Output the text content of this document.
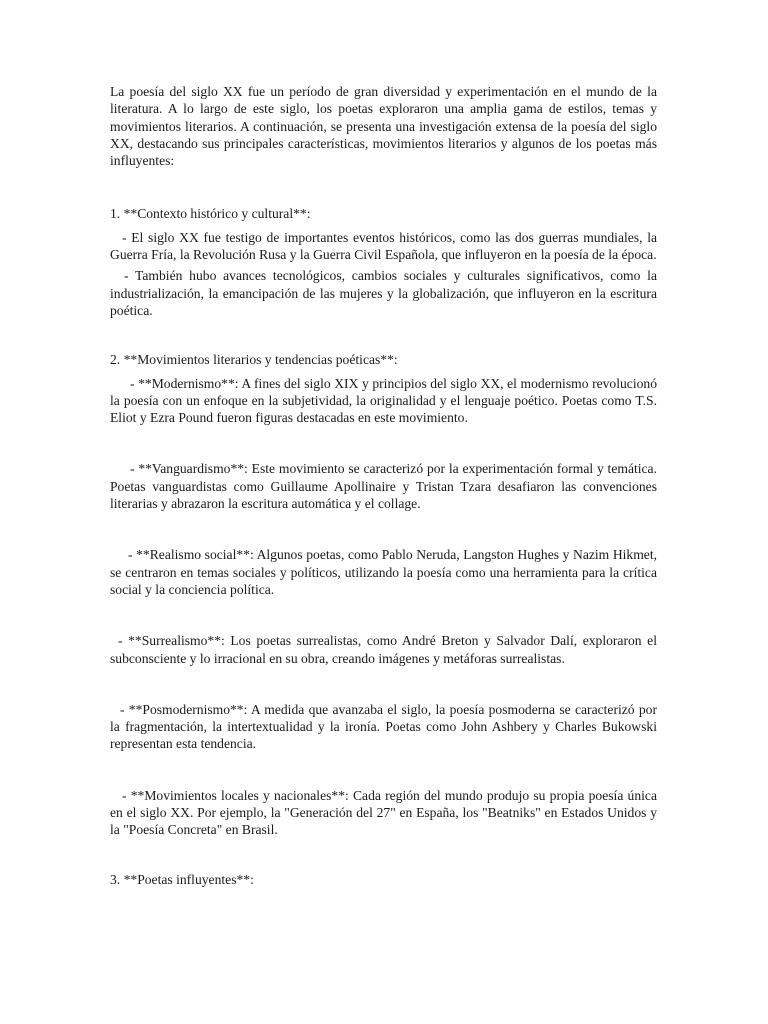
La poesía del siglo XX fue un período de gran diversidad y experimentación en el mundo de la literatura. A lo largo de este siglo, los poetas exploraron una amplia gama de estilos, temas y movimientos literarios. A continuación, se presenta una investigación extensa de la poesía del siglo XX, destacando sus principales características, movimientos literarios y algunos de los poetas más influyentes:

1. **Contexto histórico y cultural**:

- El siglo XX fue testigo de importantes eventos históricos, como las dos guerras mundiales, la Guerra Fría, la Revolución Rusa y la Guerra Civil Española, que influyeron en la poesía de la época.

- También hubo avances tecnológicos, cambios sociales y culturales significativos, como la industrialización, la emancipación de las mujeres y la globalización, que influyeron en la escritura poética.

2. **Movimientos literarios y tendencias poéticas**:

- **Modernismo**: A fines del siglo XIX y principios del siglo XX, el modernismo revolucionó la poesía con un enfoque en la subjetividad, la originalidad y el lenguaje poético. Poetas como T.S. Eliot y Ezra Pound fueron figuras destacadas en este movimiento.

- **Vanguardismo**: Este movimiento se caracterizó por la experimentación formal y temática. Poetas vanguardistas como Guillaume Apollinaire y Tristan Tzara desafiaron las convenciones literarias y abrazaron la escritura automática y el collage.

- **Realismo social**: Algunos poetas, como Pablo Neruda, Langston Hughes y Nazim Hikmet, se centraron en temas sociales y políticos, utilizando la poesía como una herramienta para la crítica social y la conciencia política.

- **Surrealismo**: Los poetas surrealistas, como André Breton y Salvador Dalí, exploraron el subconsciente y lo irracional en su obra, creando imágenes y metáforas surrealistas.

- **Posmodernismo**: A medida que avanzaba el siglo, la poesía posmoderna se caracterizó por la fragmentación, la intertextualidad y la ironía. Poetas como John Ashbery y Charles Bukowski representan esta tendencia.

- **Movimientos locales y nacionales**: Cada región del mundo produjo su propia poesía única en el siglo XX. Por ejemplo, la "Generación del 27" en España, los "Beatniks" en Estados Unidos y la "Poesía Concreta" en Brasil.

3. **Poetas influyentes**:
